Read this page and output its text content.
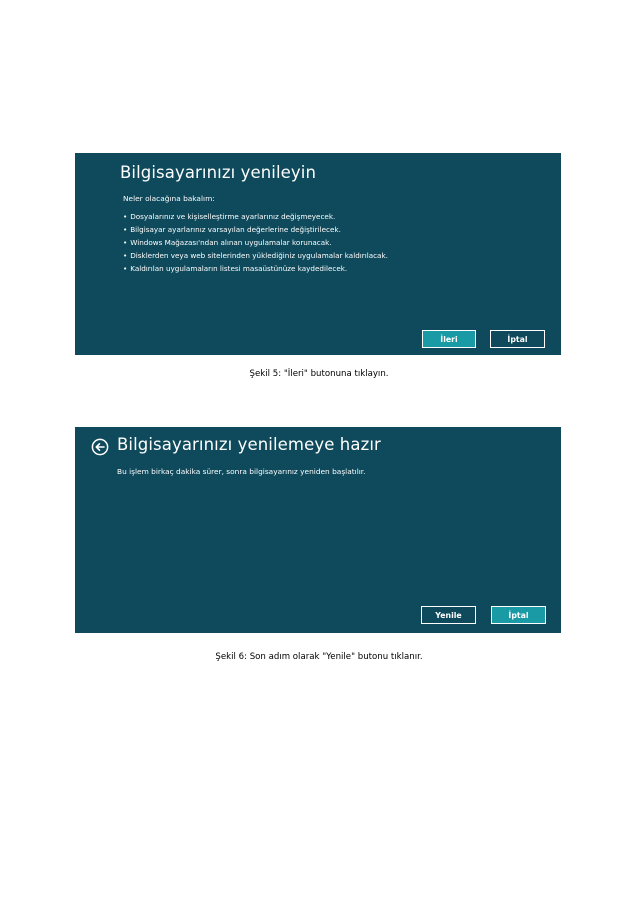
Bilgisayarınızı yenileyin
Neler olacağına bakalım:
• Dosyalarınız ve kişiselleştirme ayarlarınız değişmeyecek.
• Bilgisayar ayarlarınız varsayılan değerlerine değiştirilecek.
• Windows Mağazası'ndan alınan uygulamalar korunacak.
• Disklerden veya web sitelerinden yüklediğiniz uygulamalar kaldırılacak.
• Kaldırılan uygulamaların listesi masaüstünüze kaydedilecek.
İleri	İptal
Şekil 5: "İleri" butonuna tıklayın.
Bilgisayarınızı yenilemeye hazır
Bu işlem birkaç dakika sürer, sonra bilgisayarınız yeniden başlatılır.
Yenile	İptal
Şekil 6: Son adım olarak "Yenile" butonu tıklanır.
